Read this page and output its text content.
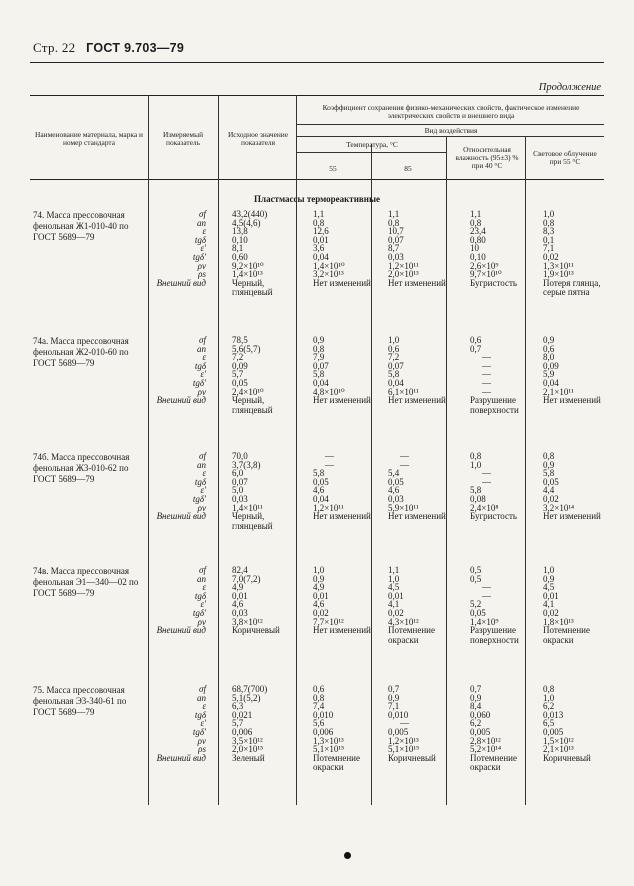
Стр. 22 ГОСТ 9.703—79
Продолжение
Наименование материала, марка и номер стандарта
Измеряемый показатель
Исходное значение показателя
Коэффициент сохранения физико-механических свойств, фактическое изменение электрических свойств и внешнего вида
Вид воздействия
Температура, °С
55	85
Относительная влажность (95±3) % при 40 °С
Световое облучение при 55 °С
Пластмассы термореактивные
74. Масса прессовочная фенольная Ж1-010-40 по ГОСТ 5689—79
σf
aп
ε
tgδ
ε′
tgδ′
ρv
ρs
Внешний вид
43,2(440)
4,5(4,6)
13,8
0,10
8,1
0,60
9,2×10¹⁰
1,4×10¹³
Черный, глянцевый
1,1
0,8
12,6
0,01
3,6
0,04
1,4×10¹⁰
3,2×10¹³
Нет изменений
1,1
0,8
10,7
0,07
8,7
0,03
1,2×10¹¹
2,0×10¹³
Нет изменений
1,1
0,8
23,4
0,80
10
0,10
2,6×10⁹
9,7×10¹⁰
Бугристость
1,0
0,8
8,3
0,1
7,1
0,02
1,3×10¹¹
1,9×10¹³
Потеря глянца, серые пятна
74а. Масса прессовочная фенольная Ж2-010-60 по ГОСТ 5689—79
σf
aп
ε
tgδ
ε′
tgδ′
ρv
Внешний вид
78,5
5,6(5,7)
7,2
0,09
5,7
0,05
2,4×10¹⁰
Черный, глянцевый
0,9
0,8
7,9
0,07
5,8
0,04
4,8×10¹⁰
Нет изменений
1,0
0,6
7,2
0,07
5,8
0,04
6,1×10¹¹
Нет изменений
0,6
0,7
—
—
—
—
—
Разрушение поверхности
0,9
0,6
8,0
0,09
5,9
0,04
2,1×10¹¹
Нет изменений
74б. Масса прессовочная фенольная Ж3-010-62 по ГОСТ 5689—79
σf
aп
ε
tgδ
ε′
tgδ′
ρv
Внешний вид
70,0
3,7(3,8)
6,0
0,07
5,0
0,03
1,4×10¹¹
Черный, глянцевый
—
—
5,8
0,05
4,6
0,04
1,2×10¹¹
Нет изменений
—
—
5,4
0,05
4,6
0,03
5,9×10¹¹
Нет изменений
0,8
1,0
—
—
5,8
0,08
2,4×10⁸
Бугристость
0,8
0,9
5,8
0,05
4,4
0,02
3,2×10¹⁴
Нет изменений
74в. Масса прессовочная фенольная Э1—340—02 по ГОСТ 5689—79
σf
aп
ε
tgδ
ε′
tgδ′
ρv
Внешний вид
82,4
7,0(7,2)
4,9
0,01
4,6
0,03
3,8×10¹²
Коричневый
1,0
0,9
4,9
0,01
4,6
0,02
7,7×10¹²
Нет изменений
1,1
1,0
4,5
0,01
4,1
0,02
4,3×10¹²
Потемнение окраски
0,5
0,5
—
—
5,2
0,05
1,4×10⁹
Разрушение поверхности
1,0
0,9
4,5
0,01
4,1
0,02
1,8×10¹³
Потемнение окраски
75. Масса прессовочная фенольная Э3-340-61 по ГОСТ 5689—79
σf
aп
ε
tgδ
ε′
tgδ′
ρv
ρs
Внешний вид
68,7(700)
5,1(5,2)
6,3
0,021
5,7
0,006
3,5×10¹²
2,0×10¹⁵
Зеленый
0,6
0,8
7,4
0,010
5,6
0,006
1,3×10¹³
5,1×10¹⁵
Потемнение окраски
0,7
0,9
7,1
0,010
—
0,005
1,2×10¹³
5,1×10¹⁵
Коричневый
0,7
0,9
8,4
0,060
6,2
0,005
2,8×10¹²
5,2×10¹⁴
Потемнение окраски
0,8
1,0
6,2
0,013
6,5
0,005
1,5×10¹²
2,1×10¹³
Коричневый
